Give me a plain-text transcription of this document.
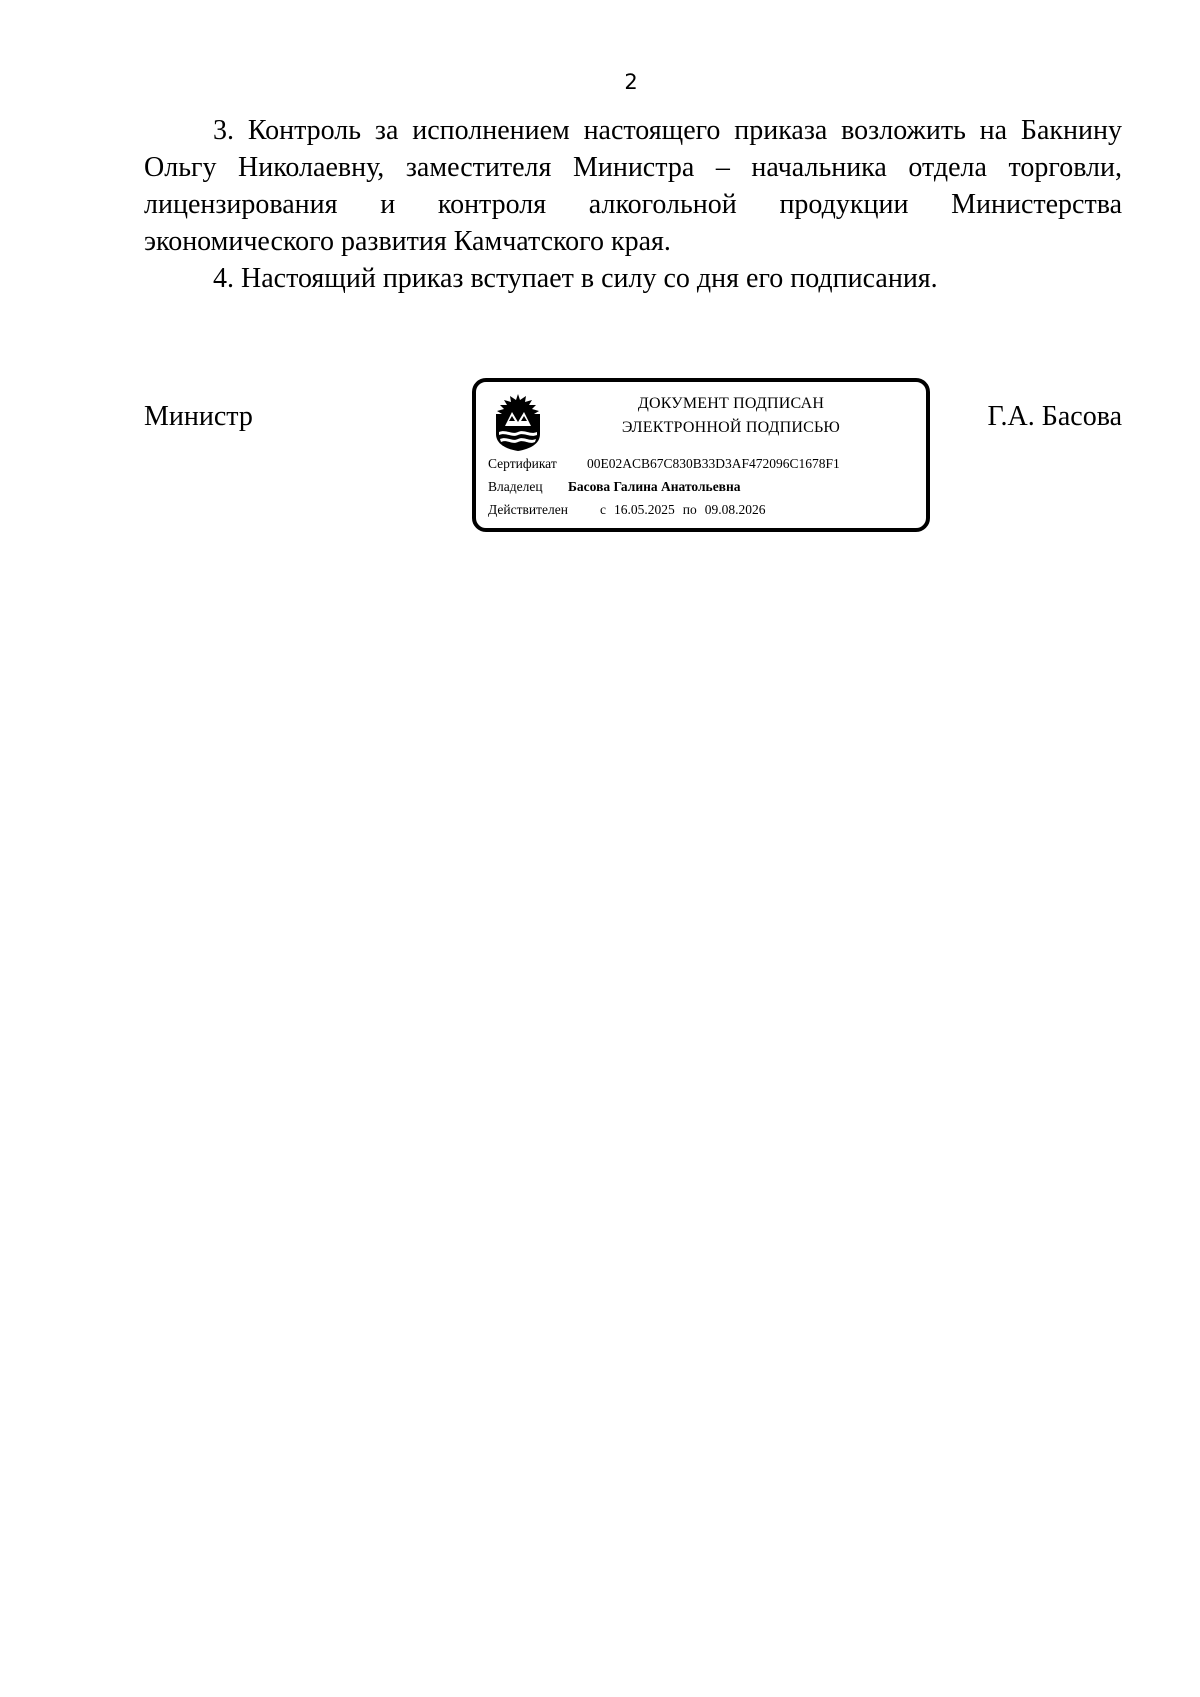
2

3. Контроль за исполнением настоящего приказа возложить на Бакнину Ольгу Николаевну, заместителя Министра – начальника отдела торговли, лицензирования и контроля алкогольной продукции Министерства экономического развития Камчатского края.

4. Настоящий приказ вступает в силу со дня его подписания.

Министр	ДОКУМЕНТ ПОДПИСАН
ЭЛЕКТРОННОЙ ПОДПИСЬЮ
Сертификат 00E02ACB67C830B33D3AF472096C1678F1
Владелец Басова Галина Анатольевна
Действителен с 16.05.2025 по 09.08.2026
Г.А. Басова
